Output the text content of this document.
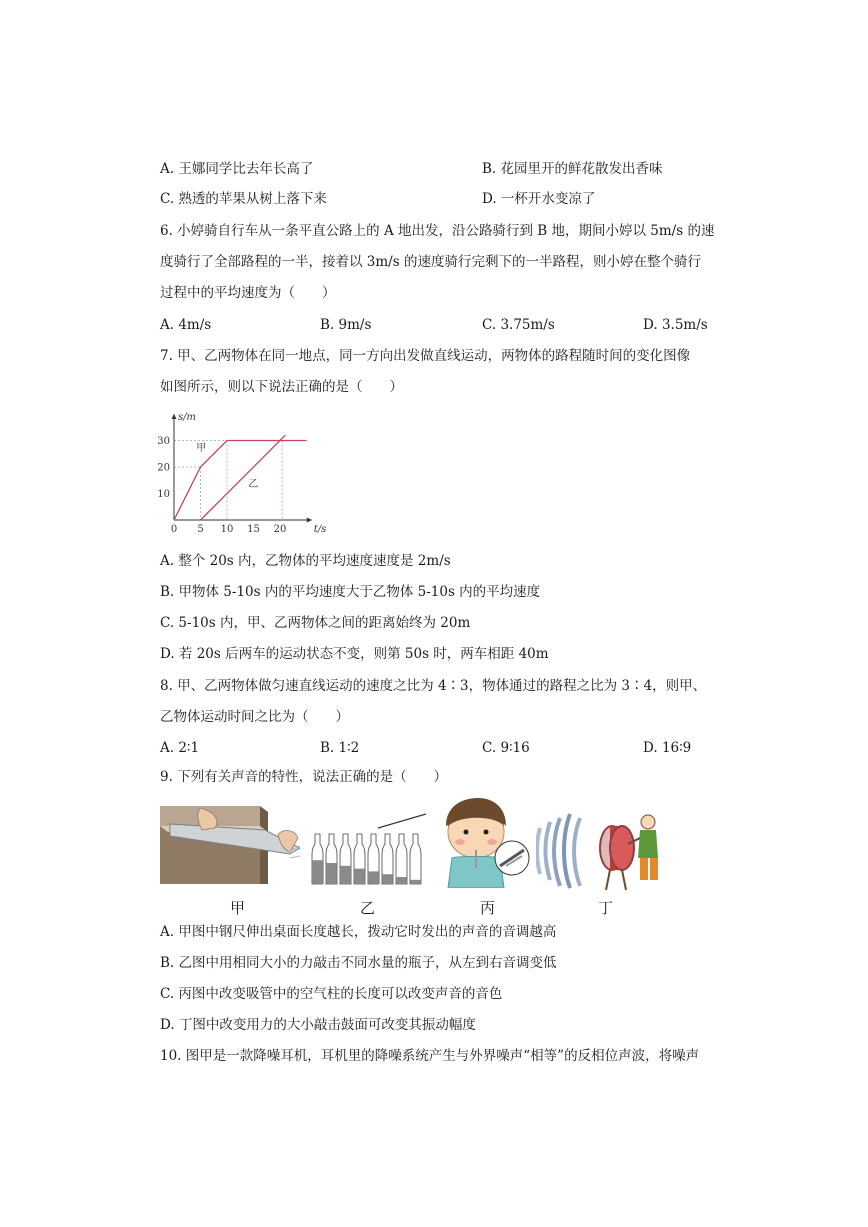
A. 王娜同学比去年长高了	B. 花园里开的鲜花散发出香味
C. 熟透的苹果从树上落下来	D. 一杯开水变凉了
6. 小婷骑自行车从一条平直公路上的 A 地出发，沿公路骑行到 B 地，期间小婷以 5m/s 的速
度骑行了全部路程的一半，接着以 3m/s 的速度骑行完剩下的一半路程，则小婷在整个骑行
过程中的平均速度为（　　）
A. 4m/s	B. 9m/s	C. 3.75m/s	D. 3.5m/s
7. 甲、乙两物体在同一地点，同一方向出发做直线运动，两物体的路程随时间的变化图像
如图所示，则以下说法正确的是（　　）
0 5 10 15 20
10
20
30
甲
乙
t/s
s/m
A. 整个 20s 内，乙物体的平均速度速度是 2m/s
B. 甲物体 5-10s 内的平均速度大于乙物体 5-10s 内的平均速度
C. 5-10s 内，甲、乙两物体之间的距离始终为 20m
D. 若 20s 后两车的运动状态不变，则第 50s 时，两车相距 40m
8. 甲、乙两物体做匀速直线运动的速度之比为 4∶3，物体通过的路程之比为 3∶4，则甲、
乙物体运动时间之比为（　　）
A. 2∶1	B. 1∶2	C. 9∶16	D. 16∶9
9. 下列有关声音的特性，说法正确的是（　　）
甲	乙	丙	丁
A. 甲图中钢尺伸出桌面长度越长，拨动它时发出的声音的音调越高
B. 乙图中用相同大小的力敲击不同水量的瓶子，从左到右音调变低
C. 丙图中改变吸管中的空气柱的长度可以改变声音的音色
D. 丁图中改变用力的大小敲击鼓面可改变其振动幅度
10. 图甲是一款降噪耳机，耳机里的降噪系统产生与外界噪声“相等”的反相位声波，将噪声
